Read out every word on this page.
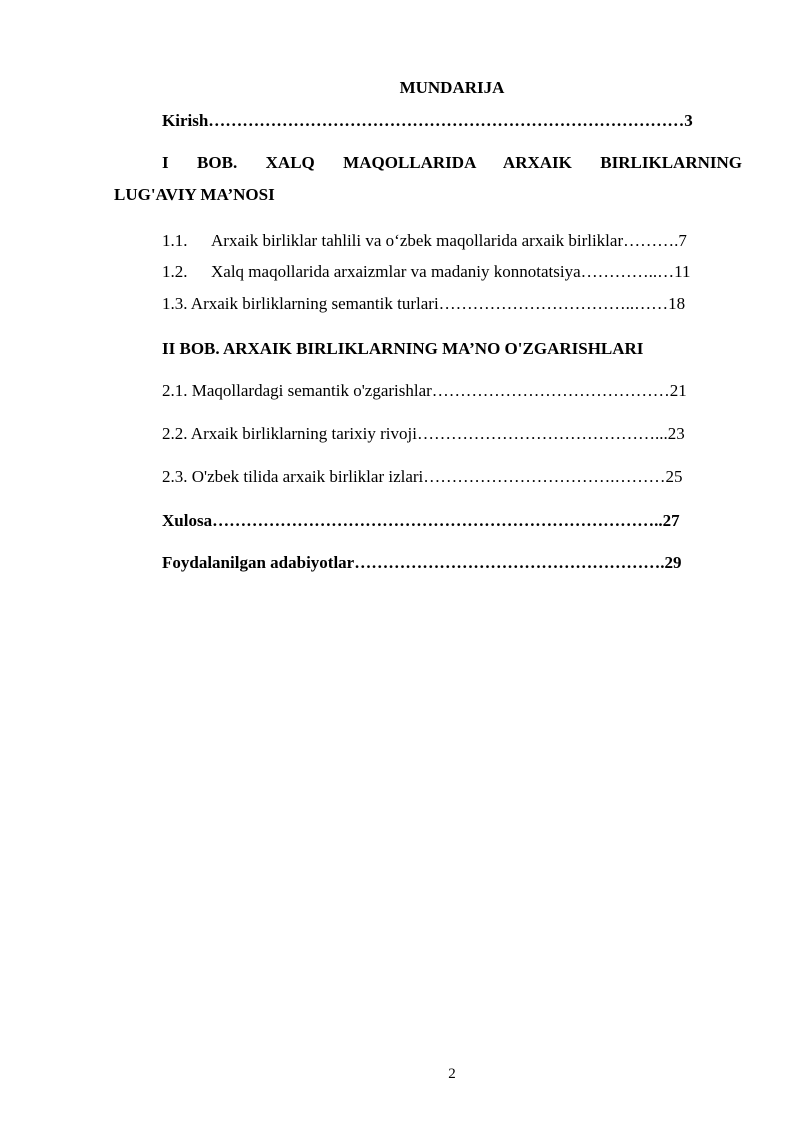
MUNDARIJA
Kirish…………………………………………………………………………3
I BOB. XALQ MAQOLLARIDA ARXAIK BIRLIKLARNING
LUG'AVIY MA’NOSI
1.1. Arxaik birliklar tahlili va o‘zbek maqollarida arxaik birliklar……….7
1.2. Xalq maqollarida arxaizmlar va madaniy konnotatsiya…………..…11
1.3. Arxaik birliklarning semantik turlari……………………………..……18
II BOB. ARXAIK BIRLIKLARNING MA’NO O'ZGARISHLARI
2.1. Maqollardagi semantik o'zgarishlar……………………………………21
2.2. Arxaik birliklarning tarixiy rivoji……………………………………...23
2.3. O'zbek tilida arxaik birliklar izlari…………………………….………25
Xulosa……………………………………………………………………..27
Foydalanilgan adabiyotlar……………………………………………….29
2
